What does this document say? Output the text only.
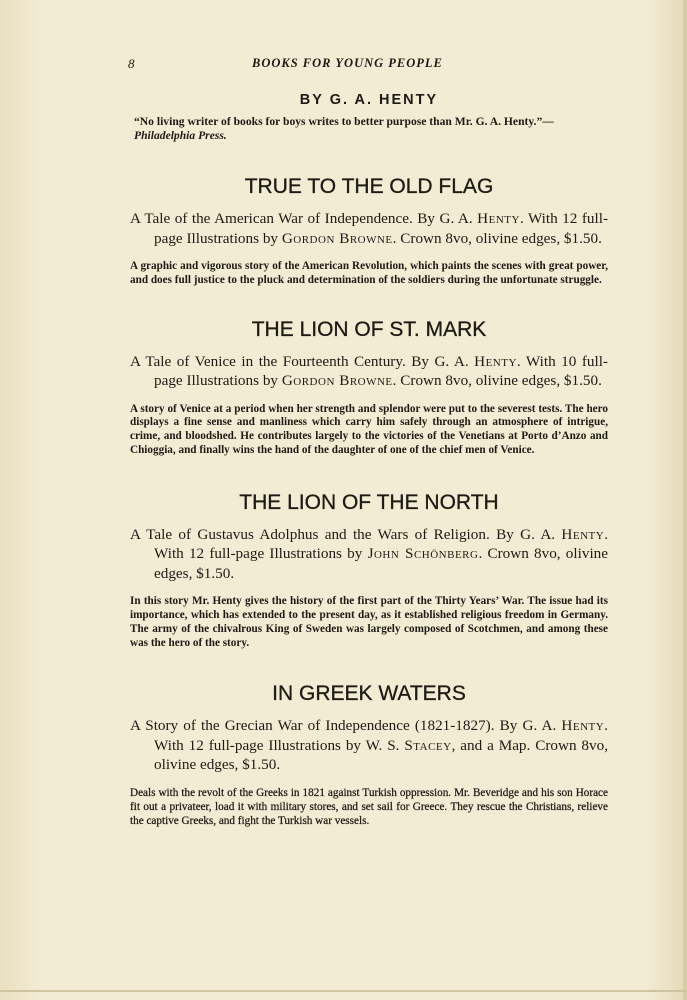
8	BOOKS FOR YOUNG PEOPLE
BY G. A. HENTY

“No living writer of books for boys writes to better purpose than Mr. G. A. Henty.”—Philadelphia Press.

TRUE TO THE OLD FLAG

A Tale of the American War of Independence. By G. A. Henty. With 12 full-page Illustrations by Gordon Browne. Crown 8vo, olivine edges, $1.50.

A graphic and vigorous story of the American Revolution, which paints the scenes with great power, and does full justice to the pluck and determination of the soldiers during the unfortunate struggle.

THE LION OF ST. MARK

A Tale of Venice in the Fourteenth Century. By G. A. Henty. With 10 full-page Illustrations by Gordon Browne. Crown 8vo, olivine edges, $1.50.

A story of Venice at a period when her strength and splendor were put to the severest tests. The hero displays a fine sense and manliness which carry him safely through an atmosphere of intrigue, crime, and bloodshed. He contributes largely to the victories of the Venetians at Porto d’Anzo and Chioggia, and finally wins the hand of the daughter of one of the chief men of Venice.

THE LION OF THE NORTH

A Tale of Gustavus Adolphus and the Wars of Religion. By G. A. Henty. With 12 full-page Illustrations by John Schönberg. Crown 8vo, olivine edges, $1.50.

In this story Mr. Henty gives the history of the first part of the Thirty Years’ War. The issue had its importance, which has extended to the present day, as it established religious freedom in Germany. The army of the chivalrous King of Sweden was largely composed of Scotchmen, and among these was the hero of the story.

IN GREEK WATERS

A Story of the Grecian War of Independence (1821-1827). By G. A. Henty. With 12 full-page Illustrations by W. S. Stacey, and a Map. Crown 8vo, olivine edges, $1.50.

Deals with the revolt of the Greeks in 1821 against Turkish oppression. Mr. Beveridge and his son Horace fit out a privateer, load it with military stores, and set sail for Greece. They rescue the Christians, relieve the captive Greeks, and fight the Turkish war vessels.
